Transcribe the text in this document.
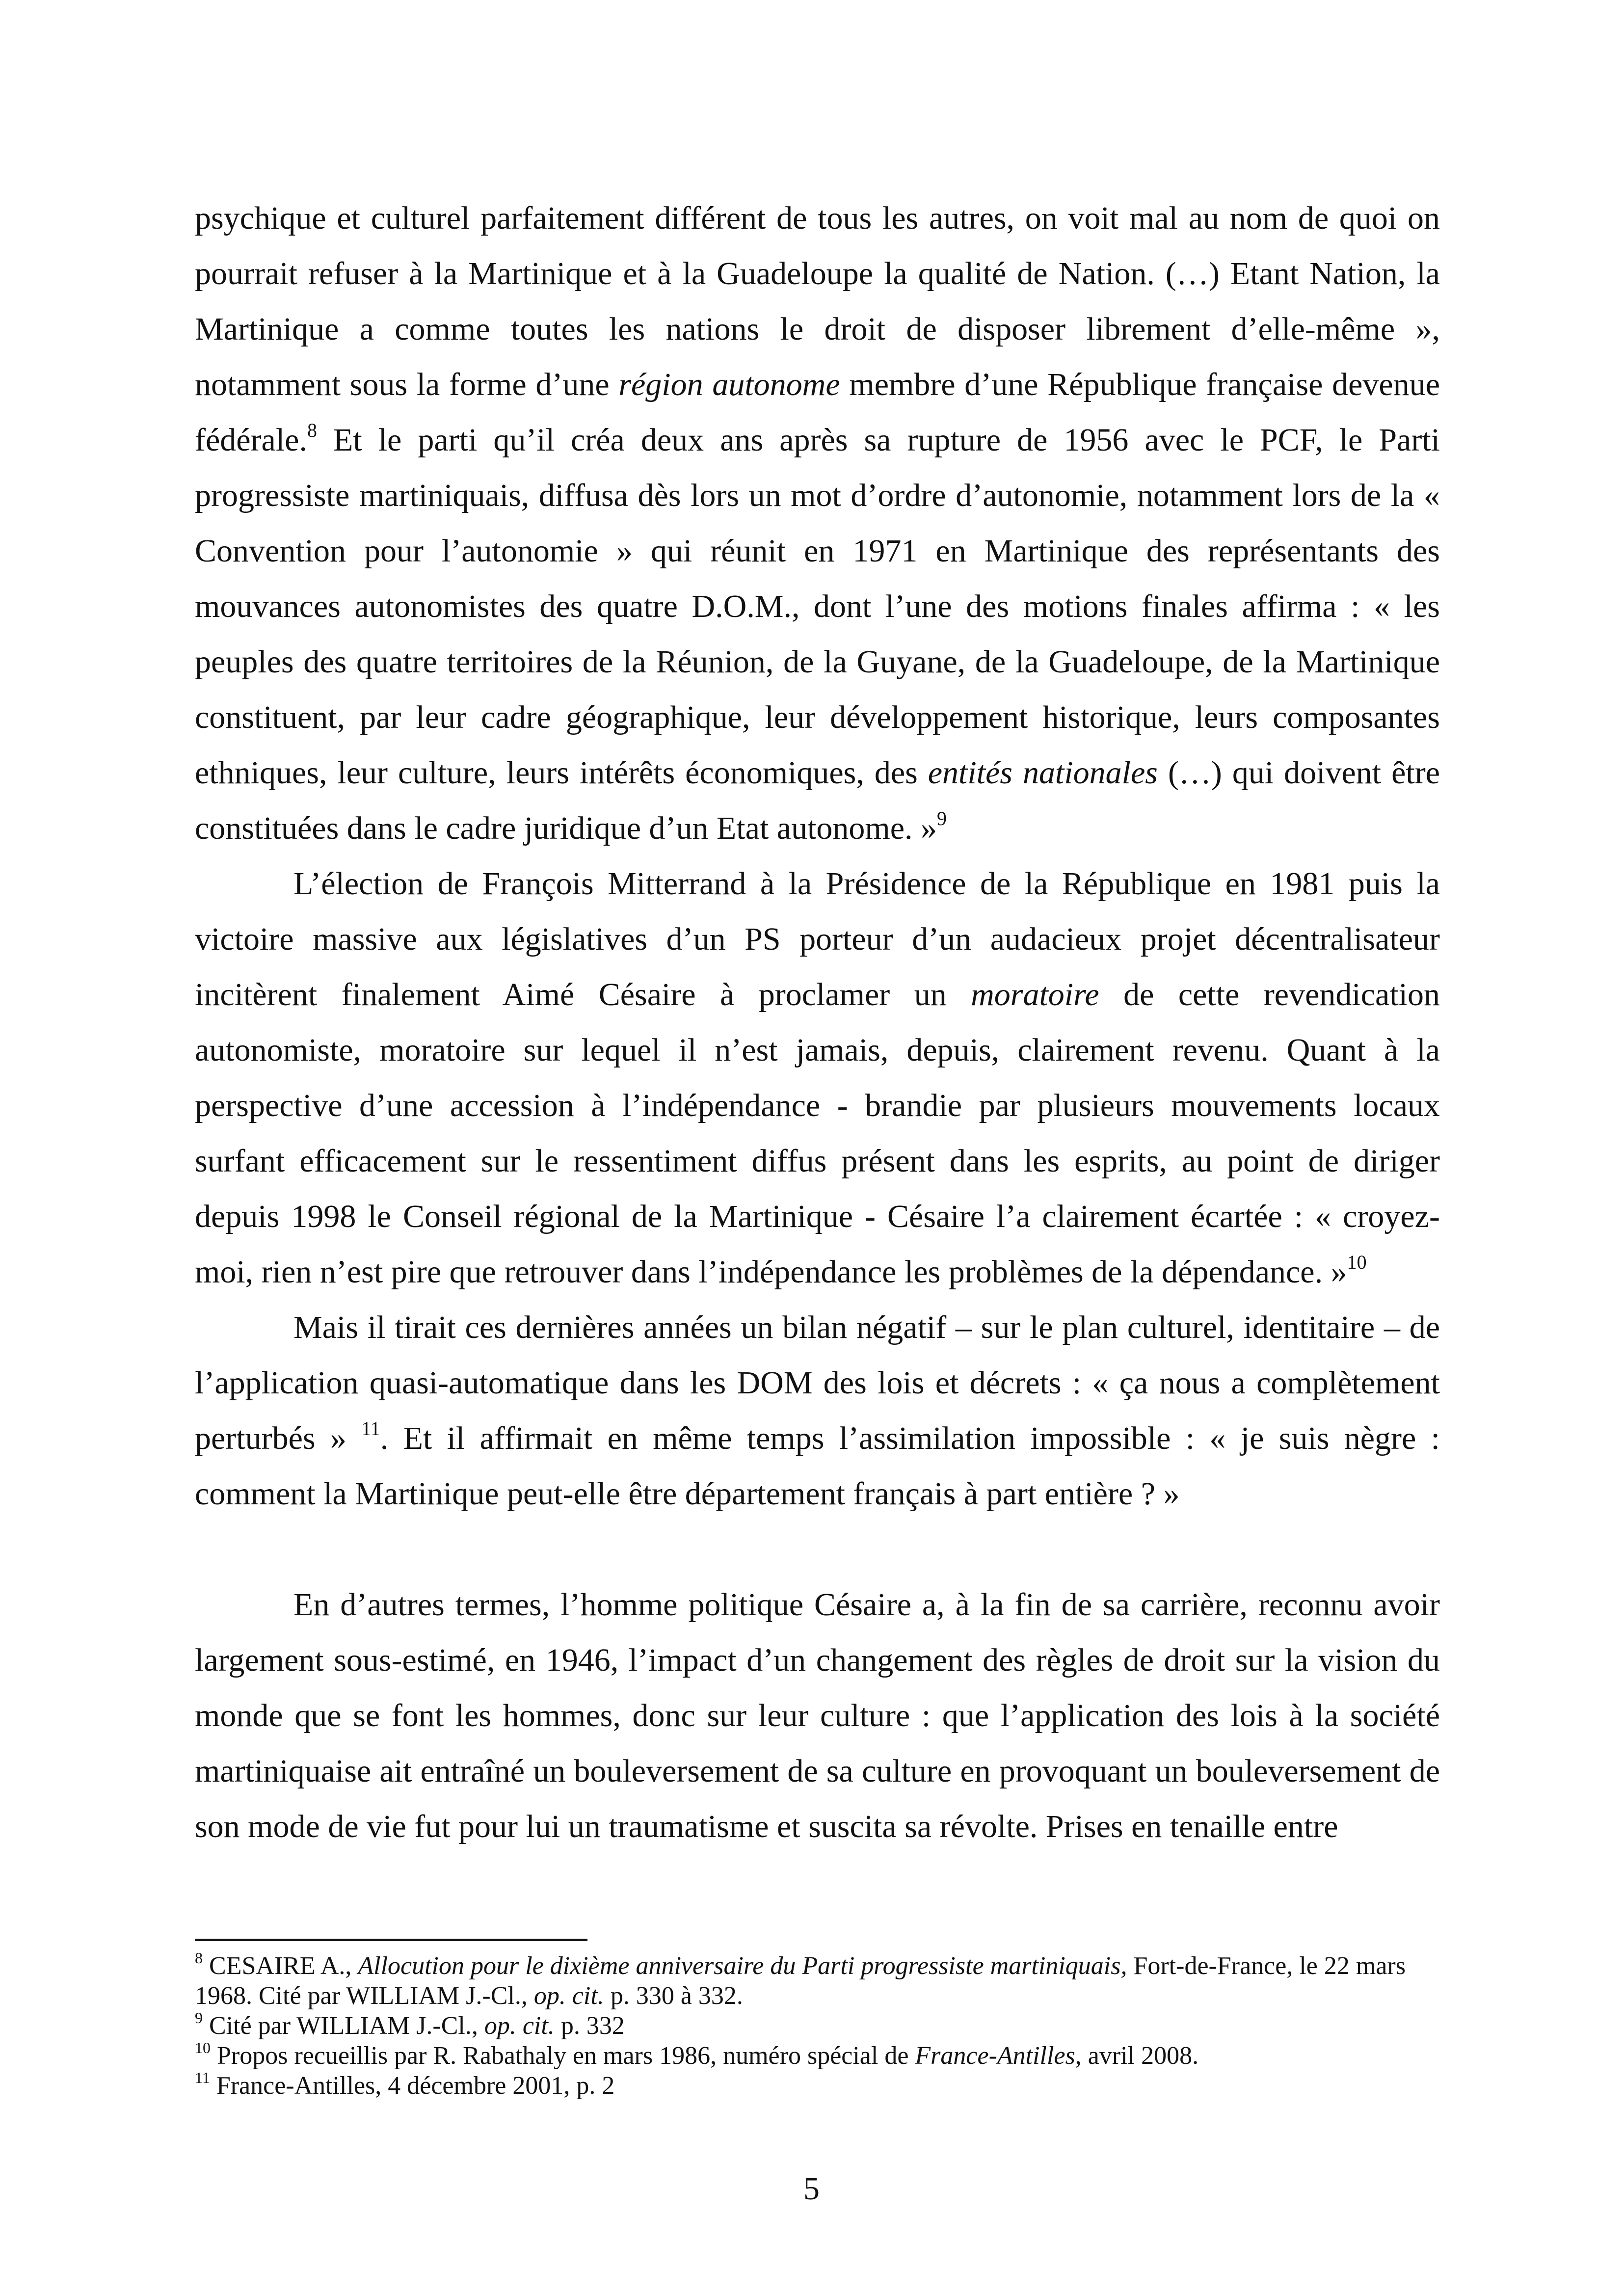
psychique et culturel parfaitement différent de tous les autres, on voit mal au nom de quoi on pourrait refuser à la Martinique et à la Guadeloupe la qualité de Nation. (…) Etant Nation, la Martinique a comme toutes les nations le droit de disposer librement d’elle-même », notamment sous la forme d’une région autonome membre d’une République française devenue fédérale.$^8$ Et le parti qu’il créa deux ans après sa rupture de 1956 avec le PCF, le Parti progressiste martiniquais, diffusa dès lors un mot d’ordre d’autonomie, notamment lors de la « Convention pour l’autonomie » qui réunit en 1971 en Martinique des représentants des mouvances autonomistes des quatre D.O.M., dont l’une des motions finales affirma : « les peuples des quatre territoires de la Réunion, de la Guyane, de la Guadeloupe, de la Martinique constituent, par leur cadre géographique, leur développement historique, leurs composantes ethniques, leur culture, leurs intérêts économiques, des entités nationales (…) qui doivent être constituées dans le cadre juridique d’un Etat autonome. »$^9$

L’élection de François Mitterrand à la Présidence de la République en 1981 puis la victoire massive aux législatives d’un PS porteur d’un audacieux projet décentralisateur incitèrent finalement Aimé Césaire à proclamer un moratoire de cette revendication autonomiste, moratoire sur lequel il n’est jamais, depuis, clairement revenu. Quant à la perspective d’une accession à l’indépendance - brandie par plusieurs mouvements locaux surfant efficacement sur le ressentiment diffus présent dans les esprits, au point de diriger depuis 1998 le Conseil régional de la Martinique - Césaire l’a clairement écartée : « croyez-moi, rien n’est pire que retrouver dans l’indépendance les problèmes de la dépendance. »$^{10}$

Mais il tirait ces dernières années un bilan négatif – sur le plan culturel, identitaire – de l’application quasi-automatique dans les DOM des lois et décrets : « ça nous a complètement perturbés » $^{11}$. Et il affirmait en même temps l’assimilation impossible : « je suis nègre : comment la Martinique peut-elle être département français à part entière ? »

En d’autres termes, l’homme politique Césaire a, à la fin de sa carrière, reconnu avoir largement sous-estimé, en 1946, l’impact d’un changement des règles de droit sur la vision du monde que se font les hommes, donc sur leur culture : que l’application des lois à la société martiniquaise ait entraîné un bouleversement de sa culture en provoquant un bouleversement de son mode de vie fut pour lui un traumatisme et suscita sa révolte. Prises en tenaille entre

$^8$ CESAIRE A., Allocution pour le dixième anniversaire du Parti progressiste martiniquais, Fort-de-France, le 22 mars 1968. Cité par WILLIAM J.-Cl., op. cit. p. 330 à 332.

$^9$ Cité par WILLIAM J.-Cl., op. cit. p. 332

$^{10}$ Propos recueillis par R. Rabathaly en mars 1986, numéro spécial de France-Antilles, avril 2008.

$^{11}$ France-Antilles, 4 décembre 2001, p. 2

5
